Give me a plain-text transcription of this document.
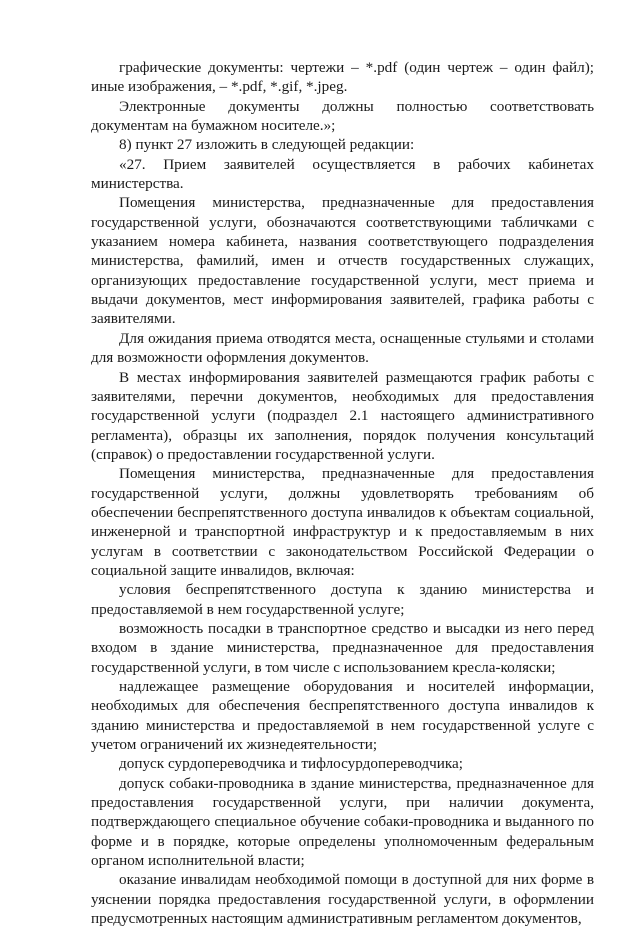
графические документы: чертежи – *.pdf (один чертеж – один файл); иные изображения, – *.pdf, *.gif, *.jpeg.

Электронные документы должны полностью соответствовать документам на бумажном носителе.»;

8) пункт 27 изложить в следующей редакции:

«27. Прием заявителей осуществляется в рабочих кабинетах министерства.

Помещения министерства, предназначенные для предоставления государственной услуги, обозначаются соответствующими табличками с указанием номера кабинета, названия соответствующего подразделения министерства, фамилий, имен и отчеств государственных служащих, организующих предоставление государственной услуги, мест приема и выдачи документов, мест информирования заявителей, графика работы с заявителями.

Для ожидания приема отводятся места, оснащенные стульями и столами для возможности оформления документов.

В местах информирования заявителей размещаются график работы с заявителями, перечни документов, необходимых для предоставления государственной услуги (подраздел 2.1 настоящего административного регламента), образцы их заполнения, порядок получения консультаций (справок) о предоставлении государственной услуги.

Помещения министерства, предназначенные для предоставления государственной услуги, должны удовлетворять требованиям об обеспечении беспрепятственного доступа инвалидов к объектам социальной, инженерной и транспортной инфраструктур и к предоставляемым в них услугам в соответствии с законодательством Российской Федерации о социальной защите инвалидов, включая:

условия беспрепятственного доступа к зданию министерства и предоставляемой в нем государственной услуге;

возможность посадки в транспортное средство и высадки из него перед входом в здание министерства, предназначенное для предоставления государственной услуги, в том числе с использованием кресла-коляски;

надлежащее размещение оборудования и носителей информации, необходимых для обеспечения беспрепятственного доступа инвалидов к зданию министерства и предоставляемой в нем государственной услуге с учетом ограничений их жизнедеятельности;

допуск сурдопереводчика и тифлосурдопереводчика;

допуск собаки-проводника в здание министерства, предназначенное для предоставления государственной услуги, при наличии документа, подтверждающего специальное обучение собаки-проводника и выданного по форме и в порядке, которые определены уполномоченным федеральным органом исполнительной власти;

оказание инвалидам необходимой помощи в доступной для них форме в уяснении порядка предоставления государственной услуги, в оформлении предусмотренных настоящим административным регламентом документов,
